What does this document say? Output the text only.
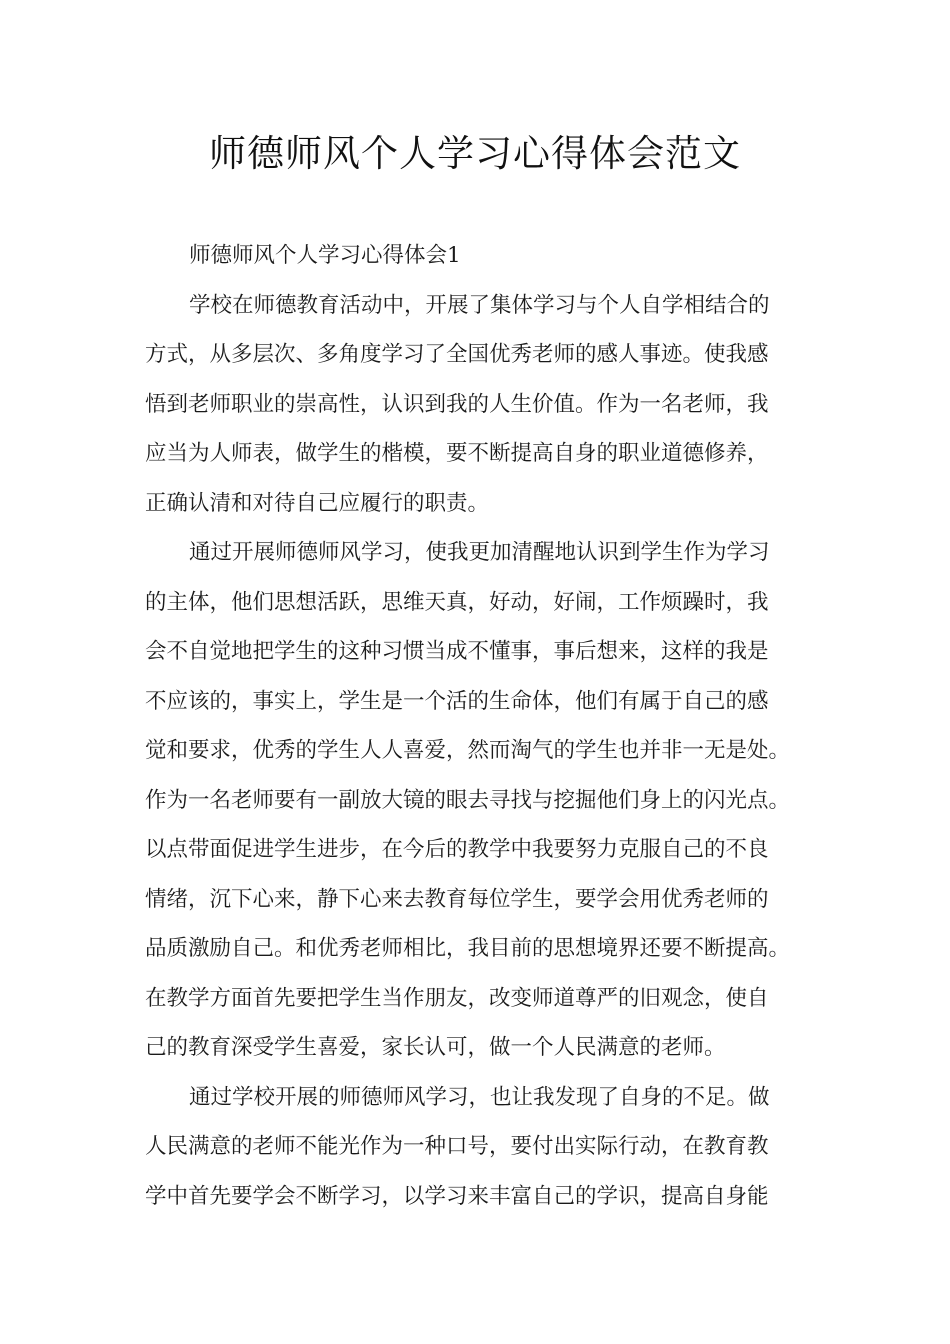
师德师风个人学习心得体会范文
师德师风个人学习心得体会1
学校在师德教育活动中，开展了集体学习与个人自学相结合的
方式，从多层次、多角度学习了全国优秀老师的感人事迹。使我感
悟到老师职业的崇高性，认识到我的人生价值。作为一名老师，我
应当为人师表，做学生的楷模，要不断提高自身的职业道德修养，
正确认清和对待自己应履行的职责。
通过开展师德师风学习，使我更加清醒地认识到学生作为学习
的主体，他们思想活跃，思维天真，好动，好闹，工作烦躁时，我
会不自觉地把学生的这种习惯当成不懂事，事后想来，这样的我是
不应该的，事实上，学生是一个活的生命体，他们有属于自己的感
觉和要求，优秀的学生人人喜爱，然而淘气的学生也并非一无是处。
作为一名老师要有一副放大镜的眼去寻找与挖掘他们身上的闪光点。
以点带面促进学生进步，在今后的教学中我要努力克服自己的不良
情绪，沉下心来，静下心来去教育每位学生，要学会用优秀老师的
品质激励自己。和优秀老师相比，我目前的思想境界还要不断提高。
在教学方面首先要把学生当作朋友，改变师道尊严的旧观念，使自
己的教育深受学生喜爱，家长认可，做一个人民满意的老师。
通过学校开展的师德师风学习，也让我发现了自身的不足。做
人民满意的老师不能光作为一种口号，要付出实际行动，在教育教
学中首先要学会不断学习，以学习来丰富自己的学识，提高自身能
